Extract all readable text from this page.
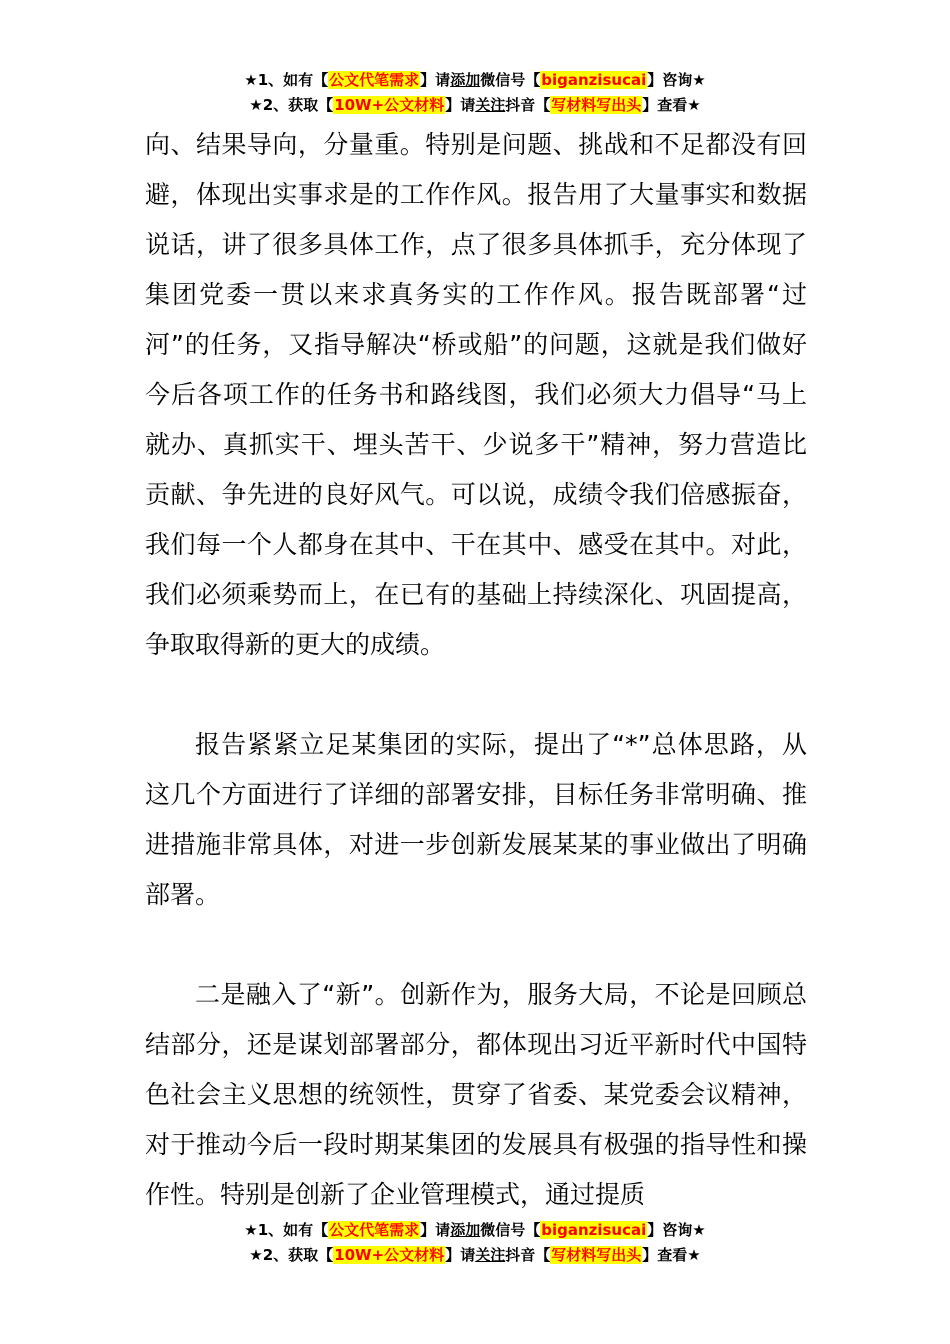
★1、如有【公文代笔需求】请添加微信号【biganzisucai】咨询★
★2、获取【10W+公文材料】请关注抖音【写材料写出头】查看★

向、结果导向，分量重。特别是问题、挑战和不足都没有回避，体现出实事求是的工作作风。报告用了大量事实和数据说话，讲了很多具体工作，点了很多具体抓手，充分体现了集团党委一贯以来求真务实的工作作风。报告既部署“过河”的任务，又指导解决“桥或船”的问题，这就是我们做好今后各项工作的任务书和路线图，我们必须大力倡导“马上就办、真抓实干、埋头苦干、少说多干”精神，努力营造比贡献、争先进的良好风气。可以说，成绩令我们倍感振奋，我们每一个人都身在其中、干在其中、感受在其中。对此，我们必须乘势而上，在已有的基础上持续深化、巩固提高，争取取得新的更大的成绩。

报告紧紧立足某集团的实际，提出了“*”总体思路，从这几个方面进行了详细的部署安排，目标任务非常明确、推进措施非常具体，对进一步创新发展某某的事业做出了明确部署。

二是融入了“新”。创新作为，服务大局，不论是回顾总结部分，还是谋划部署部分，都体现出习近平新时代中国特色社会主义思想的统领性，贯穿了省委、某党委会议精神，对于推动今后一段时期某集团的发展具有极强的指导性和操作性。特别是创新了企业管理模式，通过提质

★1、如有【公文代笔需求】请添加微信号【biganzisucai】咨询★
★2、获取【10W+公文材料】请关注抖音【写材料写出头】查看★
